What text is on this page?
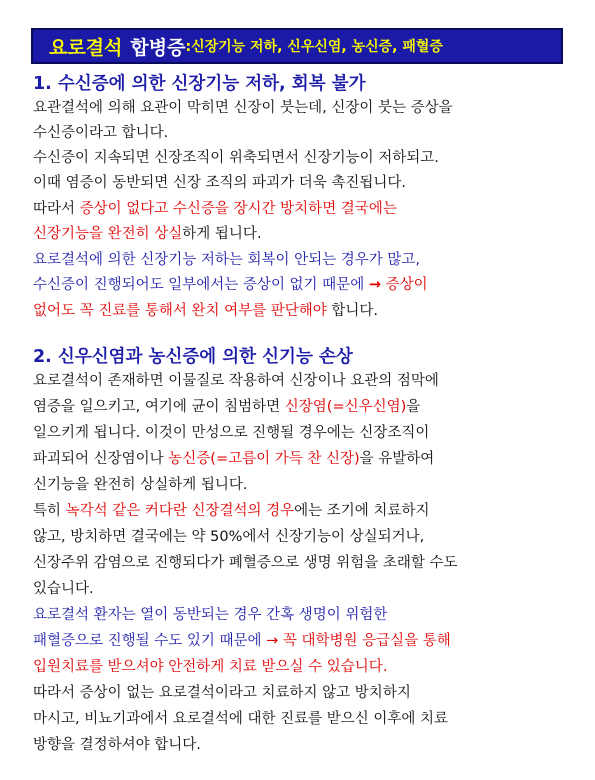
요로결석 합병증 :신장기능 저하, 신우신염, 농신증, 패혈증
1. 수신증에 의한 신장기능 저하, 회복 불가
요관결석에 의해 요관이 막히면 신장이 붓는데, 신장이 붓는 증상을
수신증이라고 합니다.
수신증이 지속되면 신장조직이 위축되면서 신장기능이 저하되고.
이때 염증이 동반되면 신장 조직의 파괴가 더욱 촉진됩니다.
따라서 증상이 없다고 수신증을 장시간 방치하면 결국에는
신장기능을 완전히 상실하게 됩니다.
요로결석에 의한 신장기능 저하는 회복이 안되는 경우가 많고,
수신증이 진행되어도 일부에서는 증상이 없기 때문에 → 증상이
없어도 꼭 진료를 통해서 완치 여부를 판단해야 합니다.
2. 신우신염과 농신증에 의한 신기능 손상
요로결석이 존재하면 이물질로 작용하여 신장이나 요관의 점막에
염증을 일으키고, 여기에 균이 침범하면 신장염(=신우신염)을
일으키게 됩니다. 이것이 만성으로 진행될 경우에는 신장조직이
파괴되어 신장염이나 농신증(=고름이 가득 찬 신장)을 유발하여
신기능을 완전히 상실하게 됩니다.
특히 녹각석 같은 커다란 신장결석의 경우에는 조기에 치료하지
않고, 방치하면 결국에는 약 50%에서 신장기능이 상실되거나,
신장주위 감염으로 진행되다가 폐혈증으로 생명 위험을 초래할 수도
있습니다.
요로결석 환자는 열이 동반되는 경우 간혹 생명이 위험한
패혈증으로 진행될 수도 있기 때문에 → 꼭 대학병원 응급실을 통해
입원치료를 받으셔야 안전하게 치료 받으실 수 있습니다.
따라서 증상이 없는 요로결석이라고 치료하지 않고 방치하지
마시고, 비뇨기과에서 요로결석에 대한 진료를 받으신 이후에 치료
방향을 결정하셔야 합니다.
